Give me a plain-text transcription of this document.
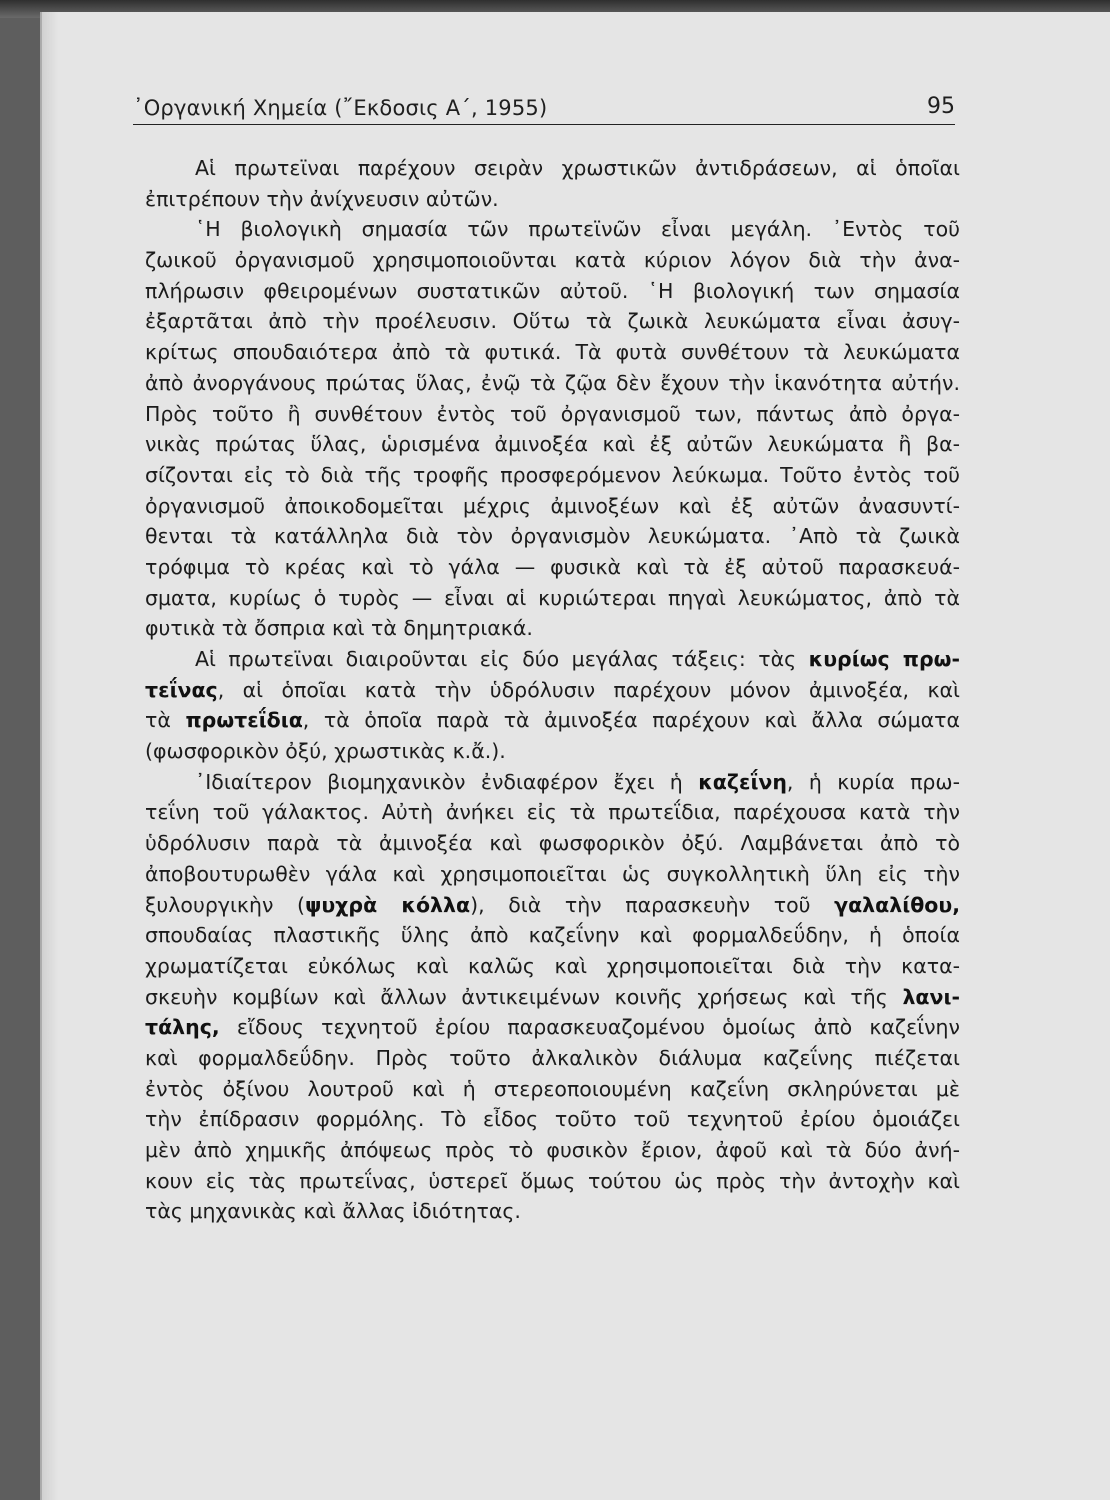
᾿Οργανική Χημεία (῎Εκδοσις Α΄, 1955)	95
Αἱ πρωτεϊναι παρέχουν σειρὰν χρωστικῶν ἀντιδράσεων, αἱ ὁποῖαι
ἐπιτρέπουν τὴν ἀνίχνευσιν αὐτῶν.
῾Η βιολογικὴ σημασία τῶν πρωτεϊνῶν εἶναι μεγάλη. ᾿Εντὸς τοῦ
ζωικοῦ ὀργανισμοῦ χρησιμοποιοῦνται κατὰ κύριον λόγον διὰ τὴν ἀνα-
πλήρωσιν φθειρομένων συστατικῶν αὐτοῦ. ῾Η βιολογική των σημασία
ἐξαρτᾶται ἀπὸ τὴν προέλευσιν. Οὕτω τὰ ζωικὰ λευκώματα εἶναι ἀσυγ-
κρίτως σπουδαιότερα ἀπὸ τὰ φυτικά. Τὰ φυτὰ συνθέτουν τὰ λευκώματα
ἀπὸ ἀνοργάνους πρώτας ὕλας, ἐνῷ τὰ ζῷα δὲν ἔχουν τὴν ἱκανότητα αὐτήν.
Πρὸς τοῦτο ἢ συνθέτουν ἐντὸς τοῦ ὀργανισμοῦ των, πάντως ἀπὸ ὀργα-
νικὰς πρώτας ὕλας, ὡρισμένα ἀμινοξέα καὶ ἐξ αὐτῶν λευκώματα ἢ βα-
σίζονται εἰς τὸ διὰ τῆς τροφῆς προσφερόμενον λεύκωμα. Τοῦτο ἐντὸς τοῦ
ὀργανισμοῦ ἀποικοδομεῖται μέχρις ἀμινοξέων καὶ ἐξ αὐτῶν ἀνασυντί-
θενται τὰ κατάλληλα διὰ τὸν ὀργανισμὸν λευκώματα. ᾿Απὸ τὰ ζωικὰ
τρόφιμα τὸ κρέας καὶ τὸ γάλα — φυσικὰ καὶ τὰ ἐξ αὐτοῦ παρασκευά-
σματα, κυρίως ὁ τυρὸς — εἶναι αἱ κυριώτεραι πηγαὶ λευκώματος, ἀπὸ τὰ
φυτικὰ τὰ ὄσπρια καὶ τὰ δημητριακά.
Αἱ πρωτεϊναι διαιροῦνται εἰς δύο μεγάλας τάξεις: τὰς κυρίως πρω-
τεΐνας, αἱ ὁποῖαι κατὰ τὴν ὑδρόλυσιν παρέχουν μόνον ἀμινοξέα, καὶ
τὰ πρωτεΐδια, τὰ ὁποῖα παρὰ τὰ ἀμινοξέα παρέχουν καὶ ἄλλα σώματα
(φωσφορικὸν ὀξύ, χρωστικὰς κ.ἄ.).
᾿Ιδιαίτερον βιομηχανικὸν ἐνδιαφέρον ἔχει ἡ καζεΐνη, ἡ κυρία πρω-
τεΐνη τοῦ γάλακτος. Αὐτὴ ἀνήκει εἰς τὰ πρωτεΐδια, παρέχουσα κατὰ τὴν
ὑδρόλυσιν παρὰ τὰ ἀμινοξέα καὶ φωσφορικὸν ὀξύ. Λαμβάνεται ἀπὸ τὸ
ἀποβουτυρωθὲν γάλα καὶ χρησιμοποιεῖται ὡς συγκολλητικὴ ὕλη εἰς τὴν
ξυλουργικὴν (ψυχρὰ κόλλα), διὰ τὴν παρασκευὴν τοῦ γαλαλίθου,
σπουδαίας πλαστικῆς ὕλης ἀπὸ καζεΐνην καὶ φορμαλδεΰδην, ἡ ὁποία
χρωματίζεται εὐκόλως καὶ καλῶς καὶ χρησιμοποιεῖται διὰ τὴν κατα-
σκευὴν κομβίων καὶ ἄλλων ἀντικειμένων κοινῆς χρήσεως καὶ τῆς λανι-
τάλης, εἴδους τεχνητοῦ ἐρίου παρασκευαζομένου ὁμοίως ἀπὸ καζεΐνην
καὶ φορμαλδεΰδην. Πρὸς τοῦτο ἀλκαλικὸν διάλυμα καζεΐνης πιέζεται
ἐντὸς ὀξίνου λουτροῦ καὶ ἡ στερεοποιουμένη καζεΐνη σκληρύνεται μὲ
τὴν ἐπίδρασιν φορμόλης. Τὸ εἶδος τοῦτο τοῦ τεχνητοῦ ἐρίου ὁμοιάζει
μὲν ἀπὸ χημικῆς ἀπόψεως πρὸς τὸ φυσικὸν ἔριον, ἀφοῦ καὶ τὰ δύο ἀνή-
κουν εἰς τὰς πρωτεΐνας, ὑστερεῖ ὅμως τούτου ὡς πρὸς τὴν ἀντοχὴν καὶ
τὰς μηχανικὰς καὶ ἄλλας ἰδιότητας.
